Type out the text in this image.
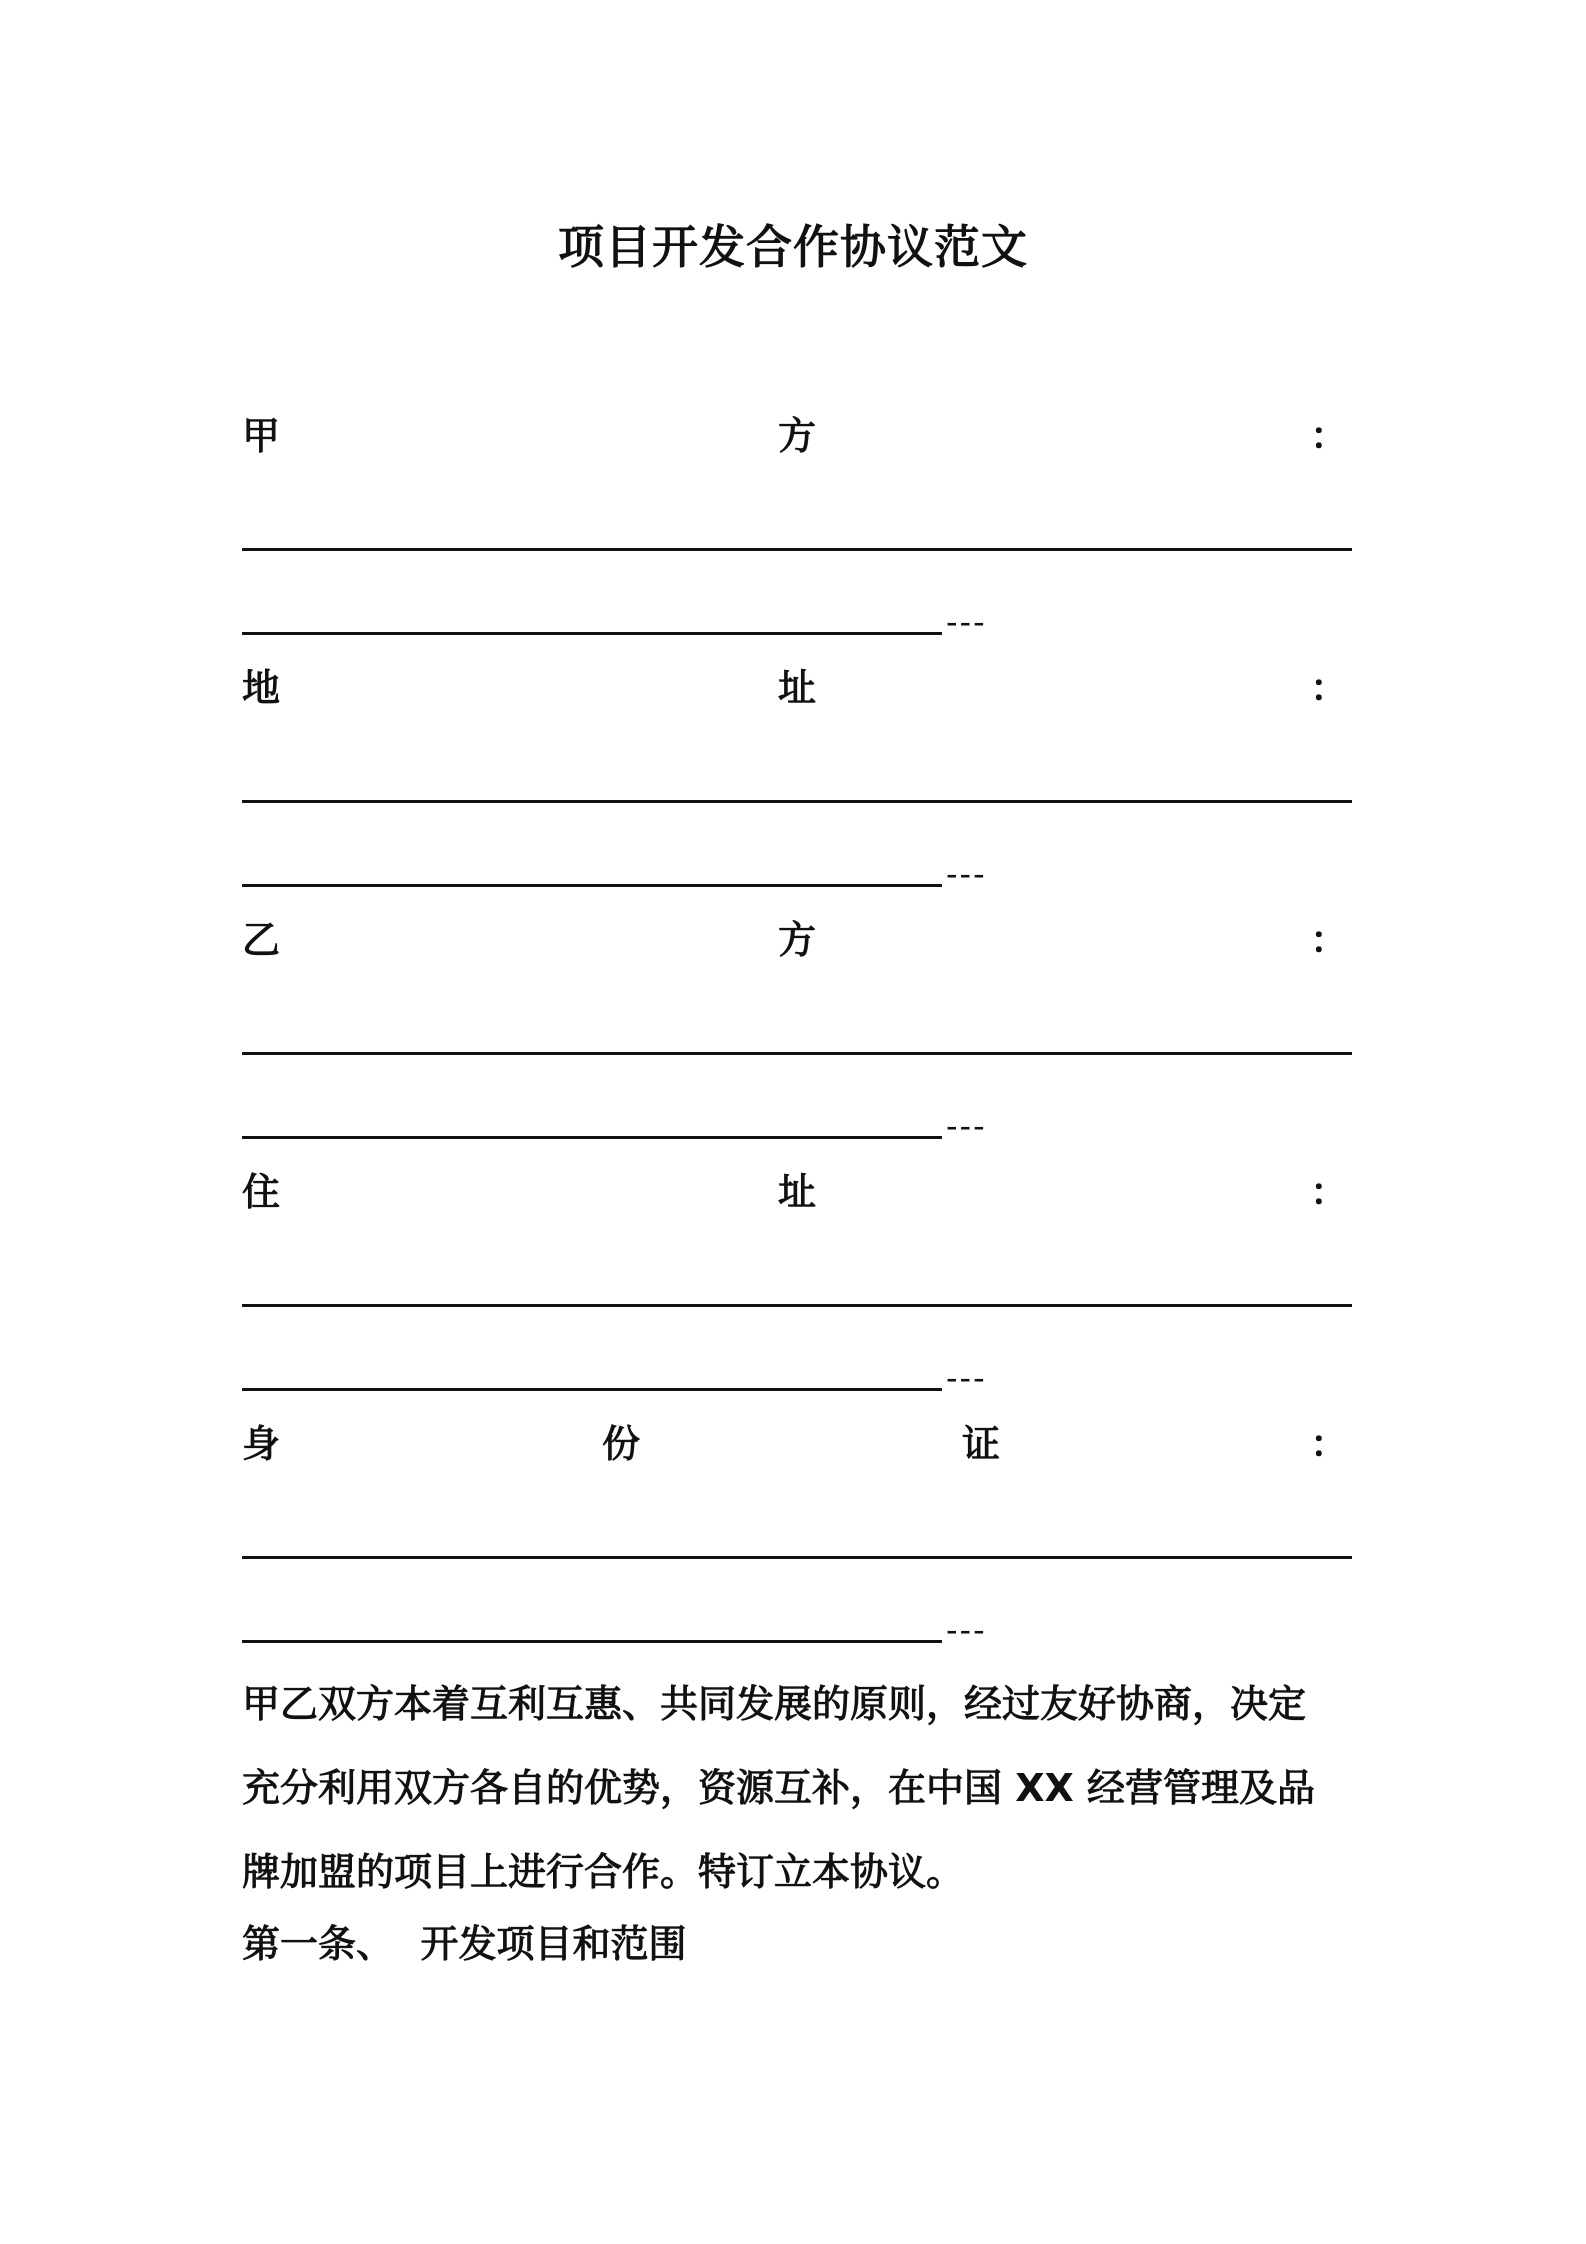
项目开发合作协议范文
甲	方	：
---
地	址	：
---
乙	方	：
---
住	址	：
---
身	份	证	：
---
甲乙双方本着互利互惠、共同发展的原则，经过友好协商，决定
充分利用双方各自的优势，资源互补，在中国 XX 经营管理及品
牌加盟的项目上进行合作。特订立本协议。
第一条、  开发项目和范围
